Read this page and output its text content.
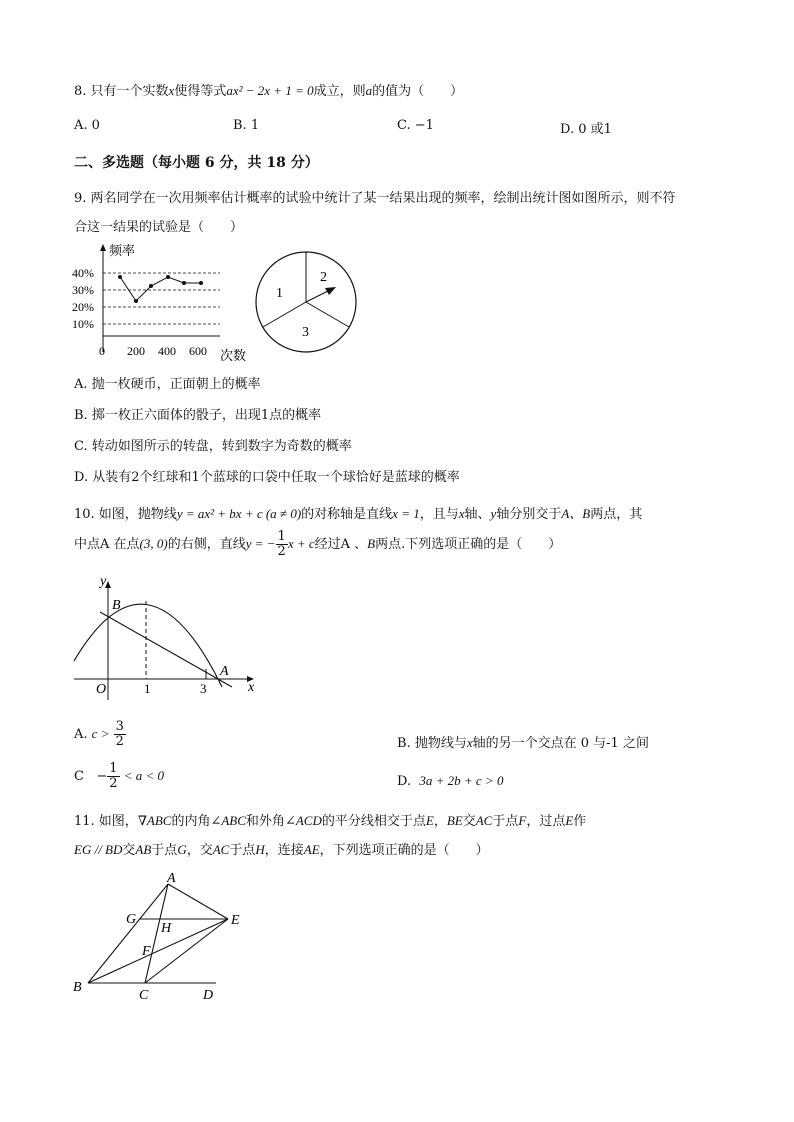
8. 只有一个实数x使得等式ax² − 2x + 1 = 0成立，则a的值为（　　）
A. 0	B. 1	C. −1	D. 0 或1
二、多选题（每小题 6 分，共 18 分）
9. 两名同学在一次用频率估计概率的试验中统计了某一结果出现的频率，绘制出统计图如图所示，则不符
合这一结果的试验是（　　）
频率
40%
30%
20%
10%
0 200 400 600 次数
1
2
3
A. 抛一枚硬币，正面朝上的概率
B. 掷一枚正六面体的骰子，出现1点的概率
C. 转动如图所示的转盘，转到数字为奇数的概率
D. 从装有2个红球和1个蓝球的口袋中任取一个球恰好是蓝球的概率
10. 如图，抛物线y = ax² + bx + c (a ≠ 0)的对称轴是直线x = 1，且与x轴、y轴分别交于A、B两点，其
中点A 在点(3, 0)的右侧，直线y = − $\frac{1}{2}$ x + c经过A 、B两点.下列选项正确的是（　　）
y
B
O	1	3
A
x
A. $c > \frac{3}{2}$	B. 抛物线与x轴的另一个交点在 0 与-1 之间
$C - \frac{1}{2} < a < 0$	D. 3a + 2b + c > 0
11. 如图，∇ABC的内角∠ABC和外角∠ACD的平分线相交于点E，BE交AC于点F，过点E作
EG // BD交AB于点G，交AC于点H，连接AE，下列选项正确的是（　　）
A
G
H
E
F
B
C	D
